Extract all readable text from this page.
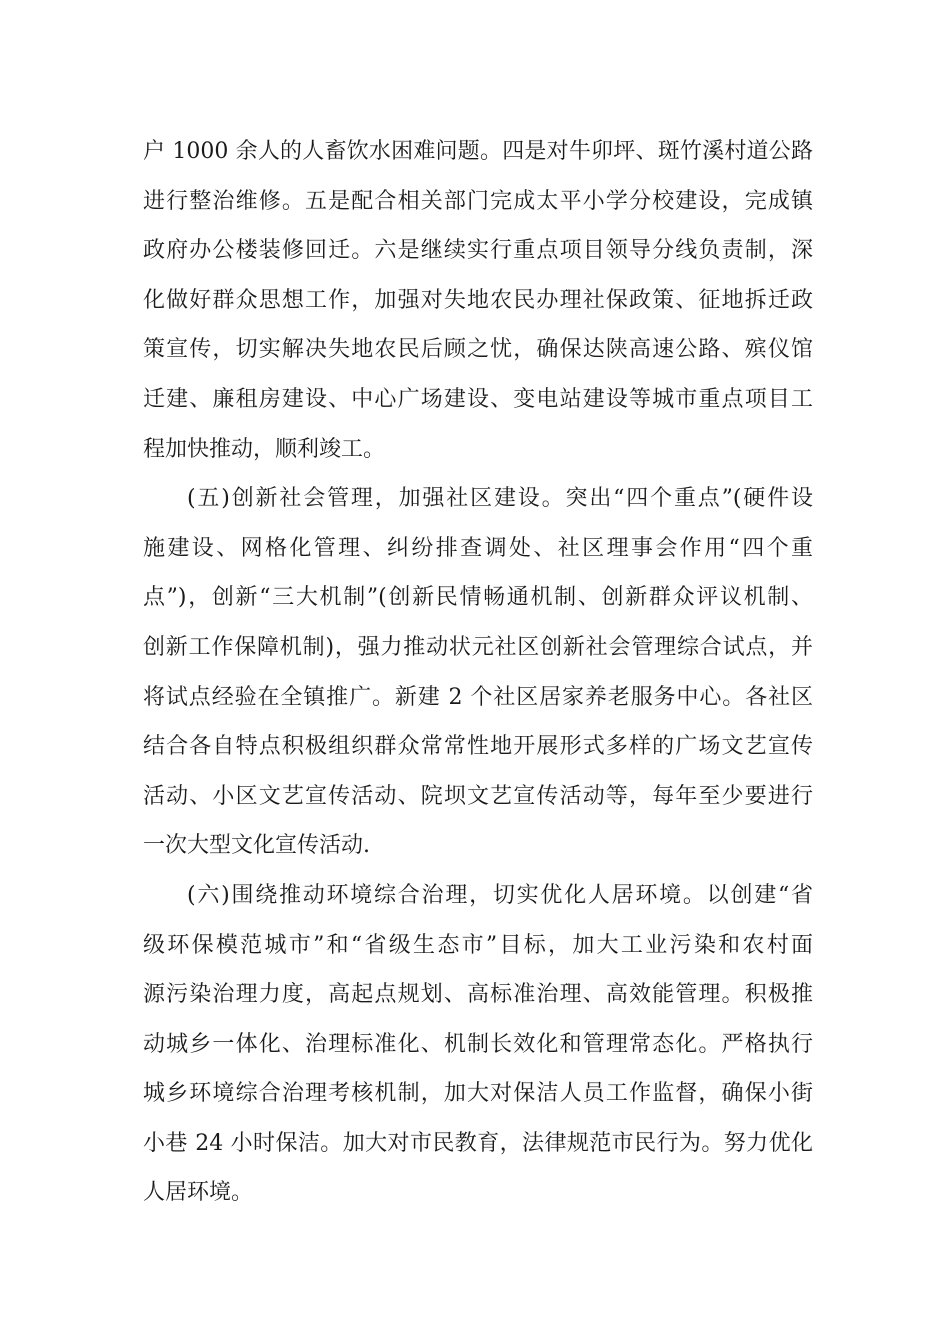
户 1000 余人的人畜饮水困难问题。四是对牛卯坪、斑竹溪村道公路
进行整治维修。五是配合相关部门完成太平小学分校建设，完成镇
政府办公楼装修回迁。六是继续实行重点项目领导分线负责制，深
化做好群众思想工作，加强对失地农民办理社保政策、征地拆迁政
策宣传，切实解决失地农民后顾之忧，确保达陕高速公路、殡仪馆
迁建、廉租房建设、中心广场建设、变电站建设等城市重点项目工
程加快推动，顺利竣工。
(五)创新社会管理，加强社区建设。突出“四个重点”(硬件设
施建设、网格化管理、纠纷排查调处、社区理事会作用“四个重
点”)，创新“三大机制”(创新民情畅通机制、创新群众评议机制、
创新工作保障机制)，强力推动状元社区创新社会管理综合试点，并
将试点经验在全镇推广。新建 2 个社区居家养老服务中心。各社区
结合各自特点积极组织群众常常性地开展形式多样的广场文艺宣传
活动、小区文艺宣传活动、院坝文艺宣传活动等，每年至少要进行
一次大型文化宣传活动.
(六)围绕推动环境综合治理，切实优化人居环境。以创建“省
级环保模范城市”和“省级生态市”目标，加大工业污染和农村面
源污染治理力度，高起点规划、高标准治理、高效能管理。积极推
动城乡一体化、治理标准化、机制长效化和管理常态化。严格执行
城乡环境综合治理考核机制，加大对保洁人员工作监督，确保小街
小巷 24 小时保洁。加大对市民教育，法律规范市民行为。努力优化
人居环境。
